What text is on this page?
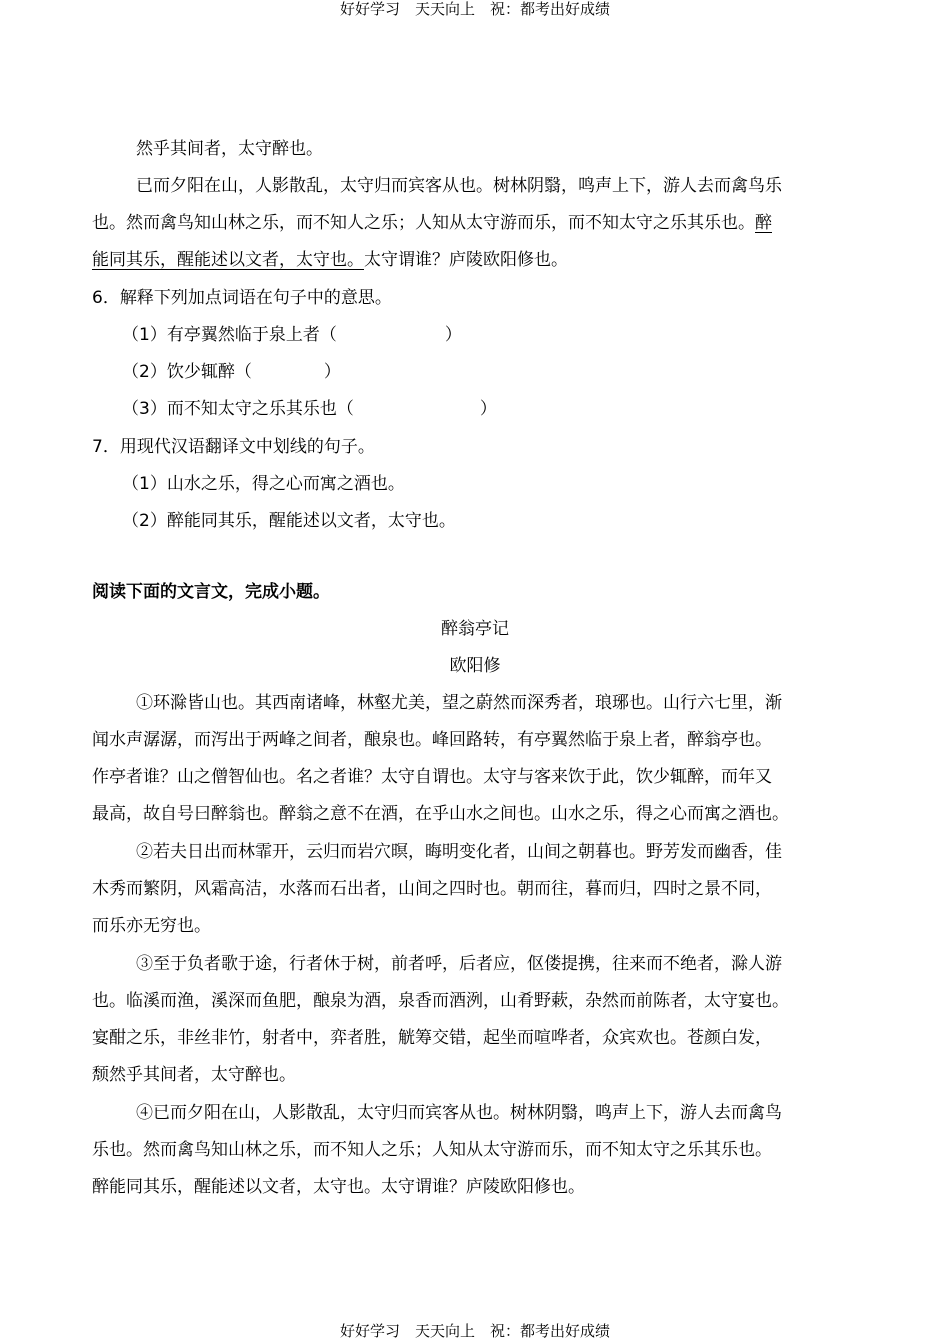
好好学习　天天向上　祝：都考出好成绩
然乎其间者，太守醉也。
已而夕阳在山，人影散乱，太守归而宾客从也。树林阴翳，鸣声上下，游人去而禽鸟乐
也。然而禽鸟知山林之乐，而不知人之乐；人知从太守游而乐，而不知太守之乐其乐也。醉
能同其乐，醒能述以文者，太守也。太守谓谁？庐陵欧阳修也。
6．解释下列加点词语在句子中的意思。
（1）有亭翼然临于泉上者（	）
（2）饮少辄醉（	）
（3）而不知太守之乐其乐也（	）
7．用现代汉语翻译文中划线的句子。
（1）山水之乐，得之心而寓之酒也。
（2）醉能同其乐，醒能述以文者，太守也。
阅读下面的文言文，完成小题。
醉翁亭记
欧阳修
①环滁皆山也。其西南诸峰，林壑尤美，望之蔚然而深秀者，琅琊也。山行六七里，渐
闻水声潺潺，而泻出于两峰之间者，酿泉也。峰回路转，有亭翼然临于泉上者，醉翁亭也。
作亭者谁？山之僧智仙也。名之者谁？太守自谓也。太守与客来饮于此，饮少辄醉，而年又
最高，故自号曰醉翁也。醉翁之意不在酒，在乎山水之间也。山水之乐，得之心而寓之酒也。
②若夫日出而林霏开，云归而岩穴暝，晦明变化者，山间之朝暮也。野芳发而幽香，佳
木秀而繁阴，风霜高洁，水落而石出者，山间之四时也。朝而往，暮而归，四时之景不同，
而乐亦无穷也。
③至于负者歌于途，行者休于树，前者呼，后者应，伛偻提携，往来而不绝者，滁人游
也。临溪而渔，溪深而鱼肥，酿泉为酒，泉香而酒洌，山肴野蔌，杂然而前陈者，太守宴也。
宴酣之乐，非丝非竹，射者中，弈者胜，觥筹交错，起坐而喧哗者，众宾欢也。苍颜白发，
颓然乎其间者，太守醉也。
④已而夕阳在山，人影散乱，太守归而宾客从也。树林阴翳，鸣声上下，游人去而禽鸟
乐也。然而禽鸟知山林之乐，而不知人之乐；人知从太守游而乐，而不知太守之乐其乐也。
醉能同其乐，醒能述以文者，太守也。太守谓谁？庐陵欧阳修也。
好好学习　天天向上　祝：都考出好成绩
